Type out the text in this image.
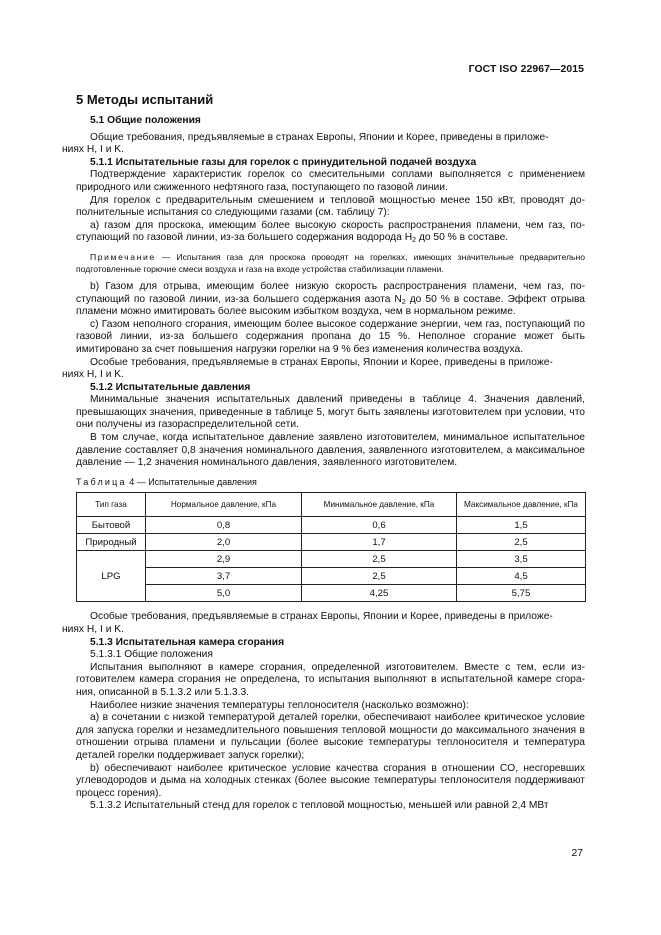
ГОСТ ISO 22967—2015
5 Методы испытаний
5.1 Общие положения

Общие требования, предъявляемые в странах Европы, Японии и Корее, приведены в приложе-
ниях H, I и K.

5.1.1 Испытательные газы для горелок с принудительной подачей воздуха

Подтверждение характеристик горелок со смесительными соплами выполняется с применением природного или сжиженного нефтяного газа, поступающего по газовой линии.

Для горелок с предварительным смешением и тепловой мощностью менее 150 кВт, проводят дополнительные испытания со следующими газами (см. таблицу 7):

а) газом для проскока, имеющим более высокую скорость распространения пламени, чем газ, поступающий по газовой линии, из-за большего содержания водорода $H_2$ до 50 % в составе.

Примечание — Испытания газа для проскока проводят на горелках, имеющих значительные предварительно подготовленные горючие смеси воздуха и газа на входе устройства стабилизации пламени.

b) Газом для отрыва, имеющим более низкую скорость распространения пламени, чем газ, поступающий по газовой линии, из-за большего содержания азота $N_2$ до 50 % в составе. Эффект отрыва пламени можно имитировать более высоким избытком воздуха, чем в нормальном режиме.

c) Газом неполного сгорания, имеющим более высокое содержание энергии, чем газ, поступающий по газовой линии, из-за большего содержания пропана до 15 %. Неполное сгорание может быть имитировано за счет повышения нагрузки горелки на 9 % без изменения количества воздуха.

Особые требования, предъявляемые в странах Европы, Японии и Корее, приведены в приложе-
ниях H, I и K.

5.1.2 Испытательные давления

Минимальные значения испытательных давлений приведены в таблице 4. Значения давлений, превышающих значения, приведенные в таблице 5, могут быть заявлены изготовителем при условии, что они получены из газораспределительной сети.

В том случае, когда испытательное давление заявлено изготовителем, минимальное испытательное давление составляет 0,8 значения номинального давления, заявленного изготовителем, а максимальное давление — 1,2 значения номинального давления, заявленного изготовителем.

Таблица 4 — Испытательные давления
Тип газа	Нормальное давление, кПа	Минимальное давление, кПа	Максимальное давление, кПа
Бытовой	0,8	0,6	1,5
Природный	2,0	1,7	2,5
LPG	2,9	2,5	3,5
	3,7	2,5	4,5
	5,0	4,25	5,75

Особые требования, предъявляемые в странах Европы, Японии и Корее, приведены в приложе-
ниях H, I и K.

5.1.3 Испытательная камера сгорания

5.1.3.1 Общие положения

Испытания выполняют в камере сгорания, определенной изготовителем. Вместе с тем, если изготовителем камера сгорания не определена, то испытания выполняют в испытательной камере сгорания, описанной в 5.1.3.2 или 5.1.3.3.

Наиболее низкие значения температуры теплоносителя (насколько возможно):

а) в сочетании с низкой температурой деталей горелки, обеспечивают наиболее критическое условие для запуска горелки и незамедлительного повышения тепловой мощности до максимального значения в отношении отрыва пламени и пульсации (более высокие температуры теплоносителя и температура деталей горелки поддерживает запуск горелки);

b) обеспечивают наиболее критическое условие качества сгорания в отношении CO, несгоревших углеводородов и дыма на холодных стенках (более высокие температуры теплоносителя поддерживaют процесс горения).

5.1.3.2 Испытательный стенд для горелок с тепловой мощностью, меньшей или равной 2,4 МВт

27
